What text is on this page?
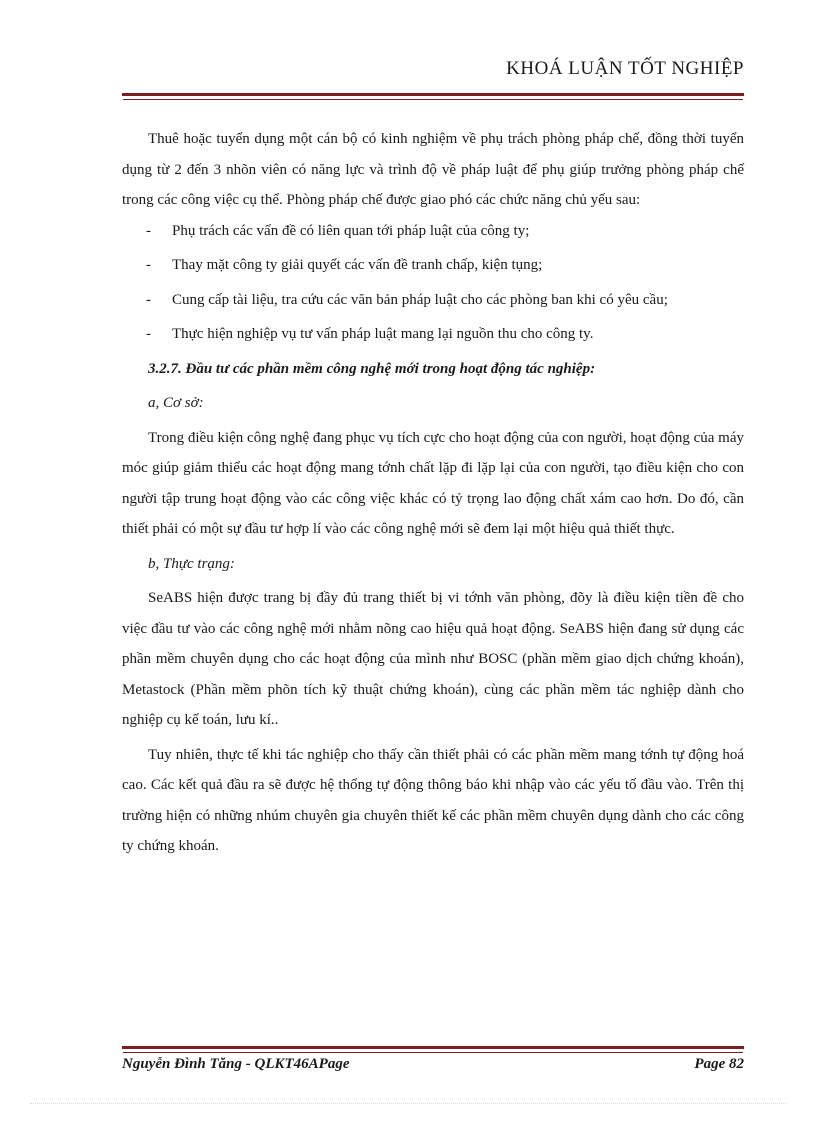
KHOÁ LUẬN TỐT NGHIỆP

Thuê hoặc tuyển dụng một cán bộ có kinh nghiệm về phụ trách phòng pháp chế, đồng thời tuyển dụng từ 2 đến 3 nhõn viên có năng lực và trình độ về pháp luật để phụ giúp trưởng phòng pháp chế trong các công việc cụ thể. Phòng pháp chế được giao phó các chức năng chủ yếu sau:

-	Phụ trách các vấn đề có liên quan tới pháp luật của công ty;
-	Thay mặt công ty giải quyết các vấn đề tranh chấp, kiện tụng;

- Cung cấp tài liệu, tra cứu các văn bản pháp luật cho các phòng ban khi có yêu cầu;

-	Thực hiện nghiệp vụ tư vấn pháp luật mang lại nguồn thu cho công ty.

3.2.7. Đầu tư các phần mềm công nghệ mới trong hoạt động tác nghiệp:

a, Cơ sở:

Trong điều kiện công nghệ đang phục vụ tích cực cho hoạt động của con người, hoạt động của máy móc giúp giảm thiểu các hoạt động mang tớnh chất lặp đi lặp lại của con người, tạo điều kiện cho con người tập trung hoạt động vào các công việc khác có tỷ trọng lao động chất xám cao hơn. Do đó, cần thiết phải có một sự đầu tư hợp lí vào các công nghệ mới sẽ đem lại một hiệu quả thiết thực.

b, Thực trạng:

SeABS hiện được trang bị đầy đủ trang thiết bị vi tớnh văn phòng, đõy là điều kiện tiền đề cho việc đầu tư vào các công nghệ mới nhằm nõng cao hiệu quả hoạt động. SeABS hiện đang sử dụng các phần mềm chuyên dụng cho các hoạt động của mình như BOSC (phần mềm giao dịch chứng khoán), Metastock (Phần mềm phõn tích kỹ thuật chứng khoán), cùng các phần mềm tác nghiệp dành cho nghiệp cụ kế toán, lưu kí..

Tuy nhiên, thực tế khi tác nghiệp cho thấy cần thiết phải có các phần mềm mang tớnh tự động hoá cao. Các kết quả đầu ra sẽ được hệ thống tự động thông báo khi nhập vào các yếu tố đầu vào. Trên thị trường hiện có những nhúm chuyên gia chuyên thiết kế các phần mềm chuyên dụng dành cho các công ty chứng khoán.

Nguyễn Đình Tăng - QLKT46APage	Page 82
